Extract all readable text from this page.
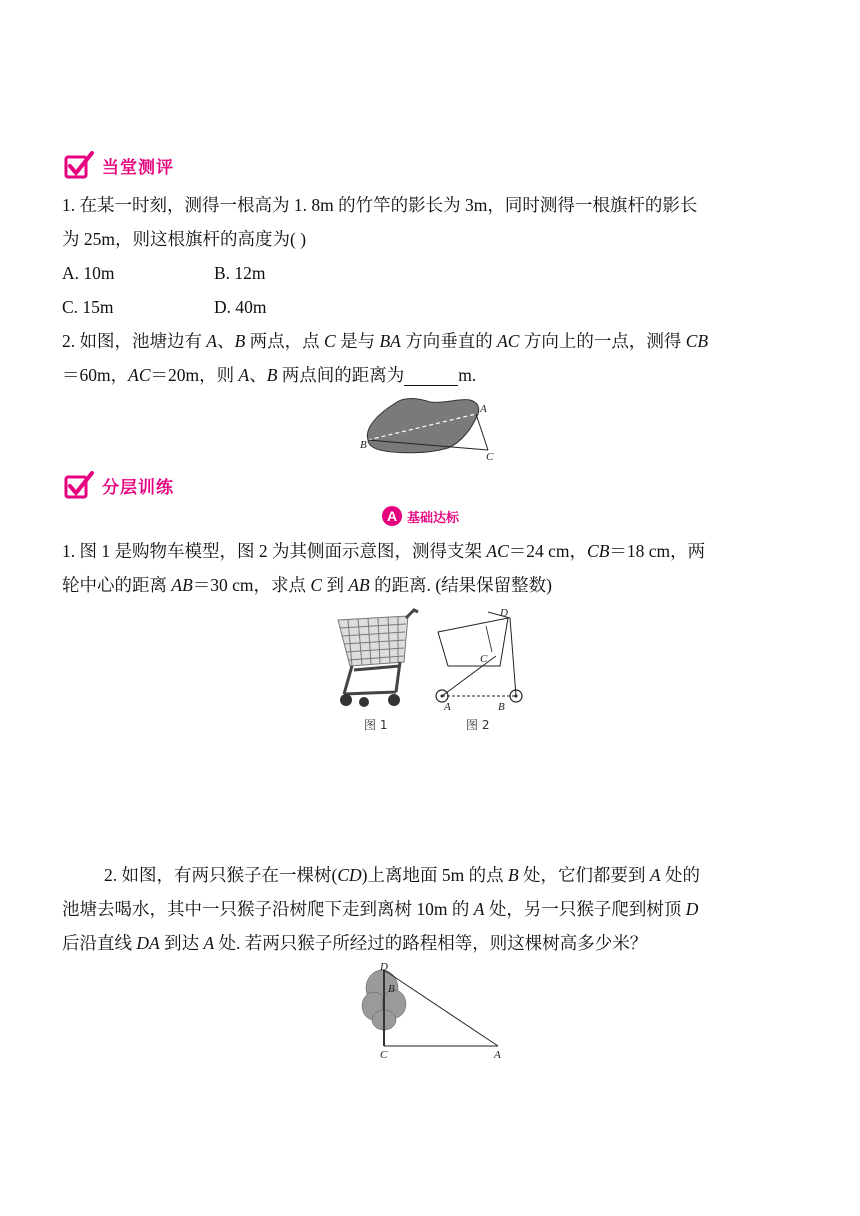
当堂测评
1. 在某一时刻，测得一根高为 1. 8m 的竹竿的影长为 3m，同时测得一根旗杆的影长
为 25m，则这根旗杆的高度为( )
A. 10m	B. 12m
C. 15m	D. 40m
2. 如图，池塘边有 A、B 两点，点 C 是与 BA 方向垂直的 AC 方向上的一点，测得 CB
＝60m，AC＝20m，则 A、B 两点间的距离为	m.
A
B
C
分层训练
A 基础达标
1. 图 1 是购物车模型，图 2 为其侧面示意图，测得支架 AC＝24 cm，CB＝18 cm，两
轮中心的距离 AB＝30 cm，求点 C 到 AB 的距离. (结果保留整数)
图 1
D
C
A	B
图 2
2. 如图，有两只猴子在一棵树(CD)上离地面 5m 的点 B 处，它们都要到 A 处的
池塘去喝水，其中一只猴子沿树爬下走到离树 10m 的 A 处，另一只猴子爬到树顶 D
后沿直线 DA 到达 A 处. 若两只猴子所经过的路程相等，则这棵树高多少米？
D
B
C	A
